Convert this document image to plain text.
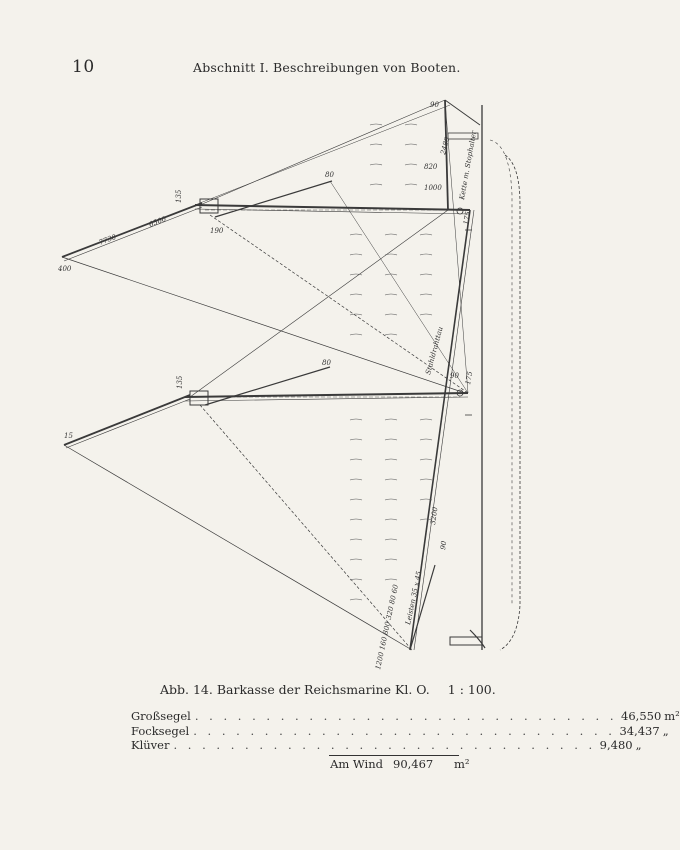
10	Abschnitt I. Beschreibungen von Booten.
400
7730
6500
135
80
190
90
2480
1000
820	Kette m. Stophalter
175
15
135
80	Stahldrahttau
90 175
3200
90
Leisten 35 x 45
1200 160 800 320 80 60
Abb. 14. Barkasse der Reichsmarine Kl. O. 1 : 100.
Großsegel . . . . . . . . . . . . . . . . . . . . . . . . . . . . . . 46,550 m²
Focksegel . . . . . . . . . . . . . . . . . . . . . . . . . . . . . . 34,437 „
Klüver . . . . . . . . . . . . . . . . . . . . . . . . . . . . . . 9,480 „
Am Wind 90,467	m²
